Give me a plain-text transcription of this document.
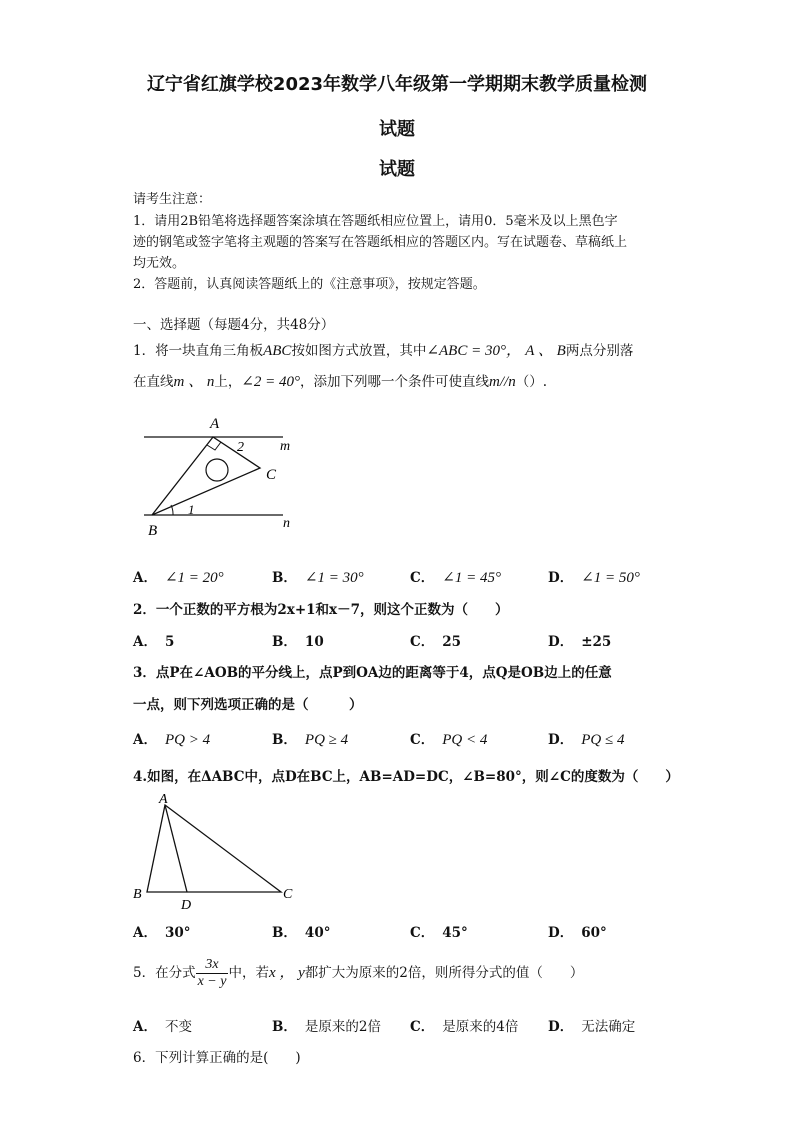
辽宁省红旗学校2023年数学八年级第一学期期末教学质量检测
试题
试题
请考生注意：
1．请用2B铅笔将选择题答案涂填在答题纸相应位置上，请用0．5毫米及以上黑色字
迹的钢笔或签字笔将主观题的答案写在答题纸相应的答题区内。写在试题卷、草稿纸上
均无效。
2．答题前，认真阅读答题纸上的《注意事项》，按规定答题。
一、选择题（每题4分，共48分）
1．将一块直角三角板ABC按如图方式放置，其中∠ABC = 30°， A 、 B两点分别落
在直线m 、 n上，∠2 = 40°，添加下列哪一个条件可使直线m//n（）.
A
B
C
m
n
1
2
A． ∠1 = 20°	B． ∠1 = 30°	C． ∠1 = 45°	D． ∠1 = 50°
2．一个正数的平方根为2x+1和x－7，则这个正数为（　　）
A． 5	B． 10	C． 25	D． ±25
3．点P在∠AOB的平分线上，点P到OA边的距离等于4，点Q是OB边上的任意
一点，则下列选项正确的是（　　　）
A． PQ > 4	B． PQ ≥ 4	C． PQ < 4	D． PQ ≤ 4
4.如图，在ΔABC中，点D在BC上，AB=AD=DC，∠B=80°，则∠C的度数为（　　）
A
B
D
C
A． 30°	B． 40°	C． 45°	D． 60°
5．在分式 $\frac{3x}{x - y}$ 中，若x ， y都扩大为原来的2倍，则所得分式的值（　　）
A． 不变	B． 是原来的2倍 C． 是原来的4倍 D． 无法确定
6．下列计算正确的是(　　)
